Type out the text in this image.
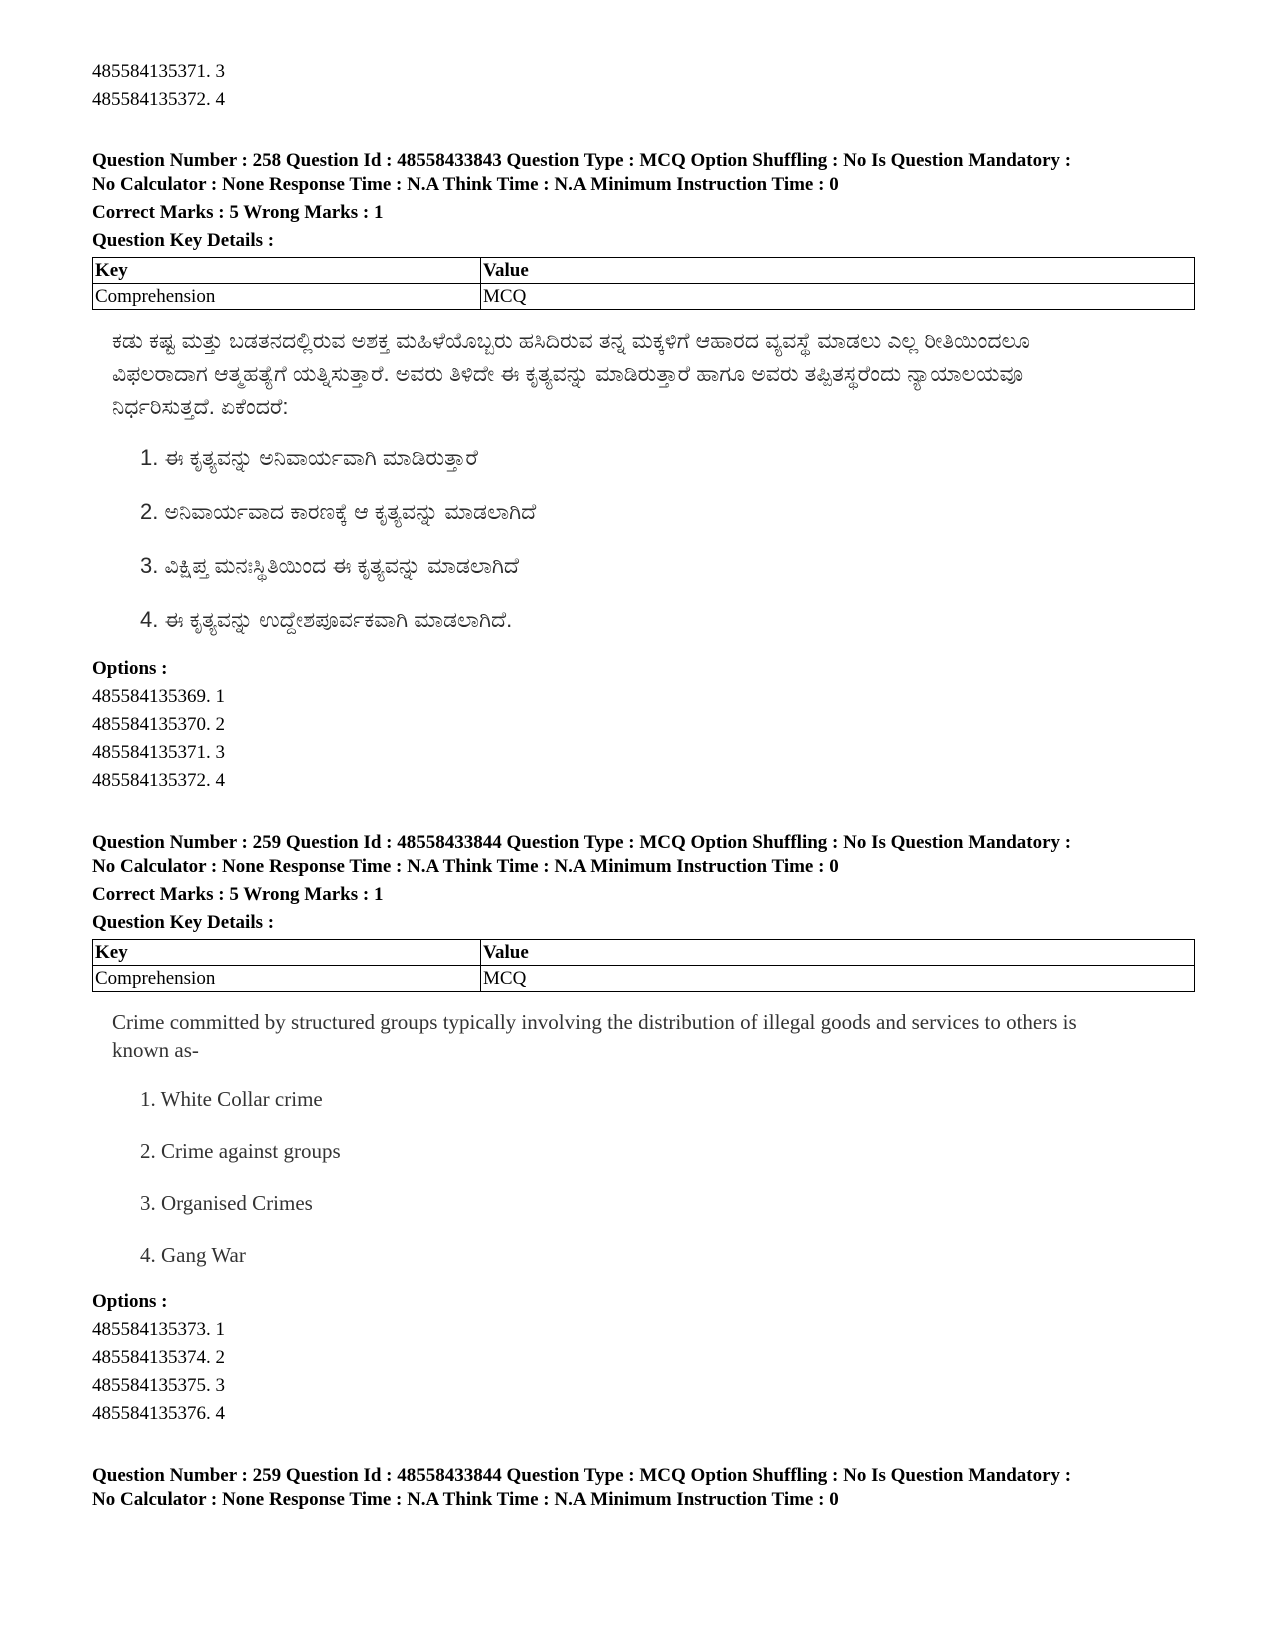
485584135371. 3
485584135372. 4
Question Number : 258 Question Id : 48558433843 Question Type : MCQ Option Shuffling : No Is Question Mandatory :
No Calculator : None Response Time : N.A Think Time : N.A Minimum Instruction Time : 0
Correct Marks : 5 Wrong Marks : 1
Question Key Details :
Key	Value
Comprehension	MCQ
ಕಡು ಕಷ್ಟ ಮತ್ತು ಬಡತನದಲ್ಲಿರುವ ಅಶಕ್ತ ಮಹಿಳೆಯೊಬ್ಬರು ಹಸಿದಿರುವ ತನ್ನ ಮಕ್ಕಳಿಗೆ ಆಹಾರದ ವ್ಯವಸ್ಥೆ ಮಾಡಲು ಎಲ್ಲ ರೀತಿಯಿಂದಲೂ ವಿಫಲರಾದಾಗ ಆತ್ಮಹತ್ಯೆಗೆ ಯತ್ನಿಸುತ್ತಾರೆ. ಅವರು ತಿಳಿದೇ ಈ ಕೃತ್ಯವನ್ನು ಮಾಡಿರುತ್ತಾರೆ ಹಾಗೂ ಅವರು ತಪ್ಪಿತಸ್ಥರೆಂದು ನ್ಯಾಯಾಲಯವೂ ನಿರ್ಧರಿಸುತ್ತದೆ. ಏಕೆಂದರೆ:
1. ಈ ಕೃತ್ಯವನ್ನು ಅನಿವಾರ್ಯವಾಗಿ ಮಾಡಿರುತ್ತಾರೆ
2. ಅನಿವಾರ್ಯವಾದ ಕಾರಣಕ್ಕೆ ಆ ಕೃತ್ಯವನ್ನು ಮಾಡಲಾಗಿದೆ
3. ವಿಕ್ಷಿಪ್ತ ಮನಃಸ್ಥಿತಿಯಿಂದ ಈ ಕೃತ್ಯವನ್ನು ಮಾಡಲಾಗಿದೆ
4. ಈ ಕೃತ್ಯವನ್ನು ಉದ್ದೇಶಪೂರ್ವಕವಾಗಿ ಮಾಡಲಾಗಿದೆ.
Options :
485584135369. 1
485584135370. 2
485584135371. 3
485584135372. 4
Question Number : 259 Question Id : 48558433844 Question Type : MCQ Option Shuffling : No Is Question Mandatory :
No Calculator : None Response Time : N.A Think Time : N.A Minimum Instruction Time : 0
Correct Marks : 5 Wrong Marks : 1
Question Key Details :
Key	Value
Comprehension	MCQ
Crime committed by structured groups typically involving the distribution of illegal goods and services to others is known as-
1. White Collar crime
2. Crime against groups
3. Organised Crimes
4. Gang War
Options :
485584135373. 1
485584135374. 2
485584135375. 3
485584135376. 4
Question Number : 259 Question Id : 48558433844 Question Type : MCQ Option Shuffling : No Is Question Mandatory :
No Calculator : None Response Time : N.A Think Time : N.A Minimum Instruction Time : 0
